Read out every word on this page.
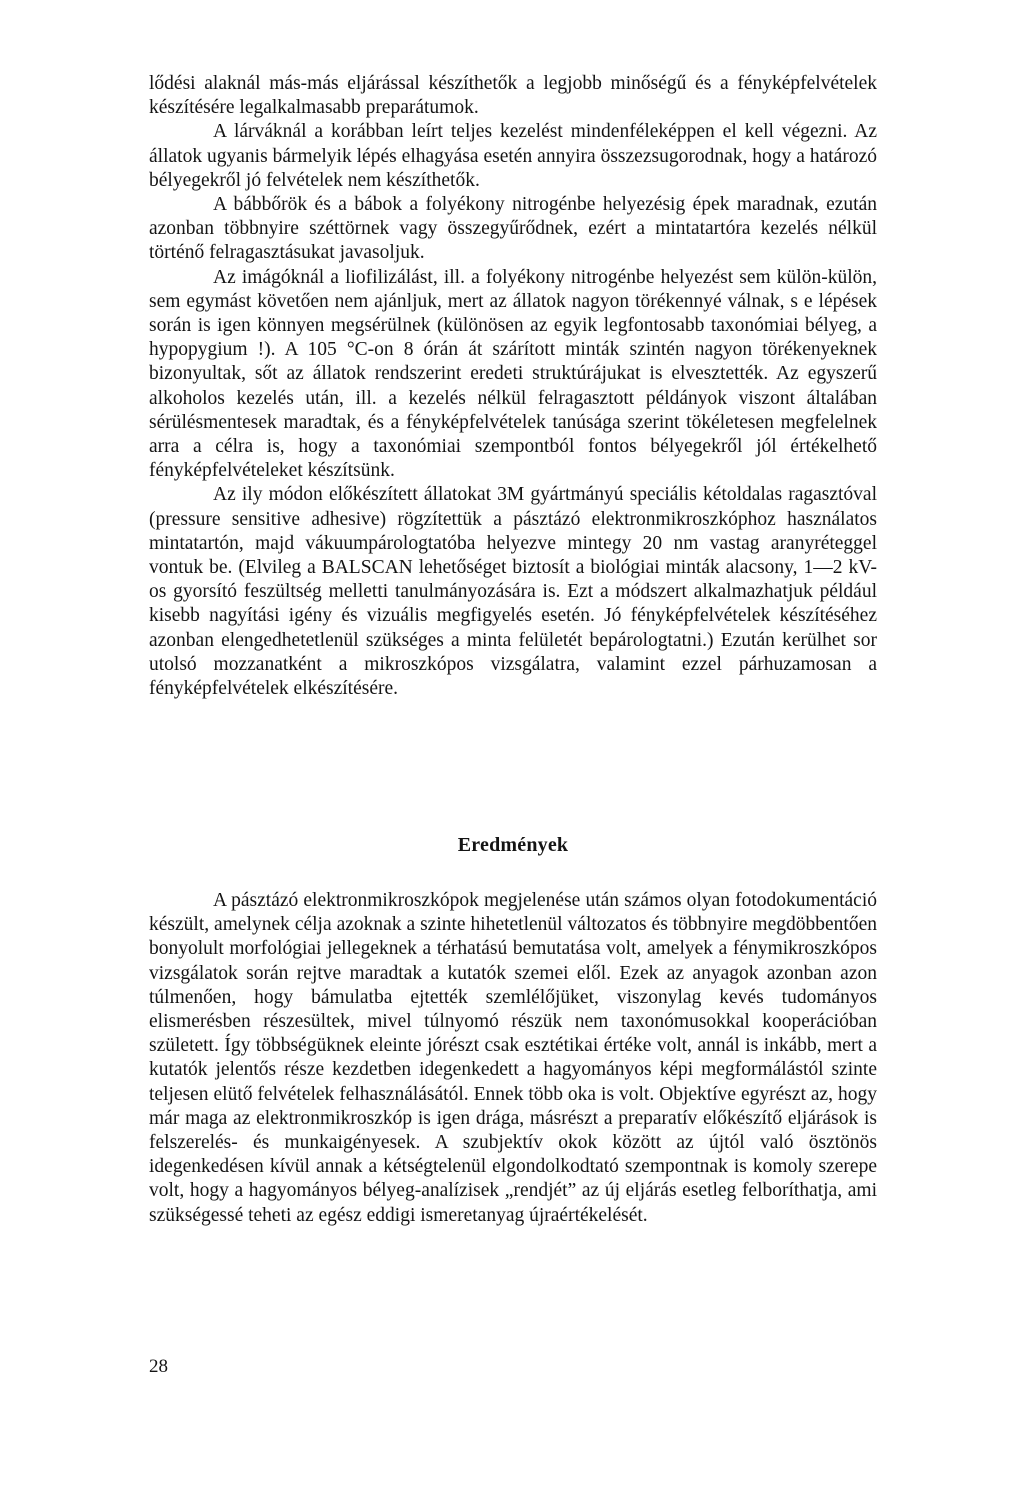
lődési alaknál más-más eljárással készíthetők a legjobb minőségű és a fényképfelvételek készítésére legalkalmasabb preparátumok.

A lárváknál a korábban leírt teljes kezelést mindenféleképpen el kell végezni. Az állatok ugyanis bármelyik lépés elhagyása esetén annyira összezsugorodnak, hogy a határozó bélyegekről jó felvételek nem készíthetők.

A bábbőrök és a bábok a folyékony nitrogénbe helyezésig épek maradnak, ezután azonban többnyire széttörnek vagy összegyűrődnek, ezért a mintatartóra kezelés nélkül történő felragasztásukat javasoljuk.

Az imágóknál a liofilizálást, ill. a folyékony nitrogénbe helyezést sem külön-külön, sem egymást követően nem ajánljuk, mert az állatok nagyon törékennyé válnak, s e lépések során is igen könnyen megsérülnek (különösen az egyik legfontosabb taxonómiai bélyeg, a hypopygium !). A 105 °C-on 8 órán át szárított minták szintén nagyon törékenyeknek bizonyultak, sőt az állatok rendszerint eredeti struktúrájukat is elvesztették. Az egyszerű alkoholos kezelés után, ill. a kezelés nélkül felragasztott példányok viszont általában sérülésmentesek maradtak, és a fényképfelvételek tanúsága szerint tökéletesen megfelelnek arra a célra is, hogy a taxonómiai szempontból fontos bélyegekről jól értékelhető fényképfelvételeket készítsünk.

Az ily módon előkészített állatokat 3M gyártmányú speciális kétoldalas ragasztóval (pressure sensitive adhesive) rögzítettük a pásztázó elektronmikroszkóphoz használatos mintatartón, majd vákuumpárologtatóba helyezve mintegy 20 nm vastag aranyréteggel vontuk be. (Elvileg a BALSCAN lehetőséget biztosít a biológiai minták alacsony, 1—2 kV-os gyorsító feszültség melletti tanulmányozására is. Ezt a módszert alkalmazhatjuk például kisebb nagyítási igény és vizuális megfigyelés esetén. Jó fényképfelvételek készítéséhez azonban elengedhetetlenül szükséges a minta felületét bepárologtatni.) Ezután kerülhet sor utolsó mozzanatként a mikroszkópos vizsgálatra, valamint ezzel párhuzamosan a fényképfelvételek elkészítésére.

Eredmények

A pásztázó elektronmikroszkópok megjelenése után számos olyan fotodokumentáció készült, amelynek célja azoknak a szinte hihetetlenül változatos és többnyire megdöbbentően bonyolult morfológiai jellegeknek a térhatású bemutatása volt, amelyek a fénymikroszkópos vizsgálatok során rejtve maradtak a kutatók szemei elől. Ezek az anyagok azonban azon túlmenően, hogy bámulatba ejtették szemlélőjüket, viszonylag kevés tudományos elismerésben részesültek, mivel túlnyomó részük nem taxonómusokkal kooperációban született. Így többségüknek eleinte jórészt csak esztétikai értéke volt, annál is inkább, mert a kutatók jelentős része kezdetben idegenkedett a hagyományos képi megformálástól szinte teljesen elütő felvételek felhasználásától. Ennek több oka is volt. Objektíve egyrészt az, hogy már maga az elektronmikroszkóp is igen drága, másrészt a preparatív előkészítő eljárások is felszerelés- és munkaigényesek. A szubjektív okok között az újtól való ösztönös idegenkedésen kívül annak a kétségtelenül elgondolkodtató szempontnak is komoly szerepe volt, hogy a hagyományos bélyeg-analízisek „rendjét” az új eljárás esetleg felboríthatja, ami szükségessé teheti az egész eddigi ismeretanyag újraértékelését.

28
